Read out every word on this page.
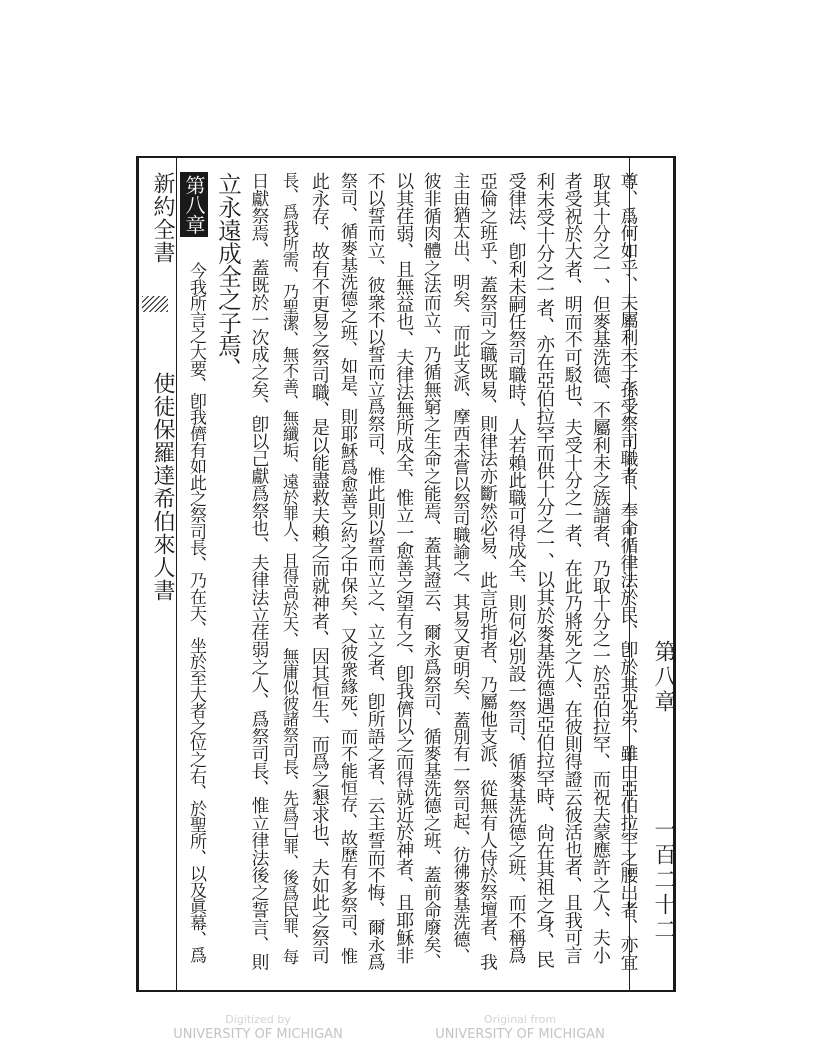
一百二十二
第八章
新約全書
使徒保羅達希伯來人書	尊、爲何如乎、夫屬利未子孫受祭司職者、奉命循律法於民、卽於其兄弟、雖由亞伯拉罕之腰出者、亦宜
取其十分之一、但麥基洗德、不屬利未之族譜者、乃取十分之一於亞伯拉罕、而祝夫蒙應許之人、夫小
者受祝於大者、明而不可駁也、夫受十分之一者、在此乃將死之人、在彼則得證云彼活也者、且我可言
利未受十分之一者、亦在亞伯拉罕而供十分之一、以其於麥基洗德遇亞伯拉罕時、尙在其祖之身、民
受律法、卽利未嗣任祭司職時、人若賴此職可得成全、則何必別設一祭司、循麥基洗德之班、而不稱爲
亞倫之班乎、蓋祭司之職既易、則律法亦斷然必易、此言所指者、乃屬他支派、從無有人侍於祭壇者、我
主由猶太出、明矣、而此支派、摩西未嘗以祭司職諭之、其易又更明矣、蓋別有一祭司起、彷彿麥基洗德、
彼非循肉體之法而立、乃循無窮之生命之能焉、蓋其證云、爾永爲祭司、循麥基洗德之班、蓋前命廢矣、
以其荏弱、且無益也、夫律法無所成全、惟立一愈善之望有之、卽我儕以之而得就近於神者、且耶穌非
不以誓而立、彼衆不以誓而立爲祭司、惟此則以誓而立之、立之者、卽所語之者、云主誓而不悔、爾永爲
祭司、循麥基洗德之班、如是、則耶穌爲愈善之約之中保矣、又彼衆緣死、而不能恒存、故歷有多祭司、惟
此永存、故有不更易之祭司職、是以能盡救夫賴之而就神者、因其恒生、而爲之懇求也、夫如此之祭司
長、爲我所需、乃聖潔、無不善、無纖垢、遠於罪人、且得高於天、無庸似彼諸祭司長、先爲己罪、後爲民罪、每
日獻祭焉、蓋既於一次成之矣、卽以己獻爲祭也、夫律法立荏弱之人、爲祭司長、惟立律法後之誓言、則
立永遠成全之子焉、
第八章
Digitized by
UNIVERSITY OF MICHIGAN
Original from
UNIVERSITY OF MICHIGAN
今我所言之大要、卽我儕有如此之祭司長、乃在天、坐於至大者之位之右、於聖所、以及眞幕、爲
